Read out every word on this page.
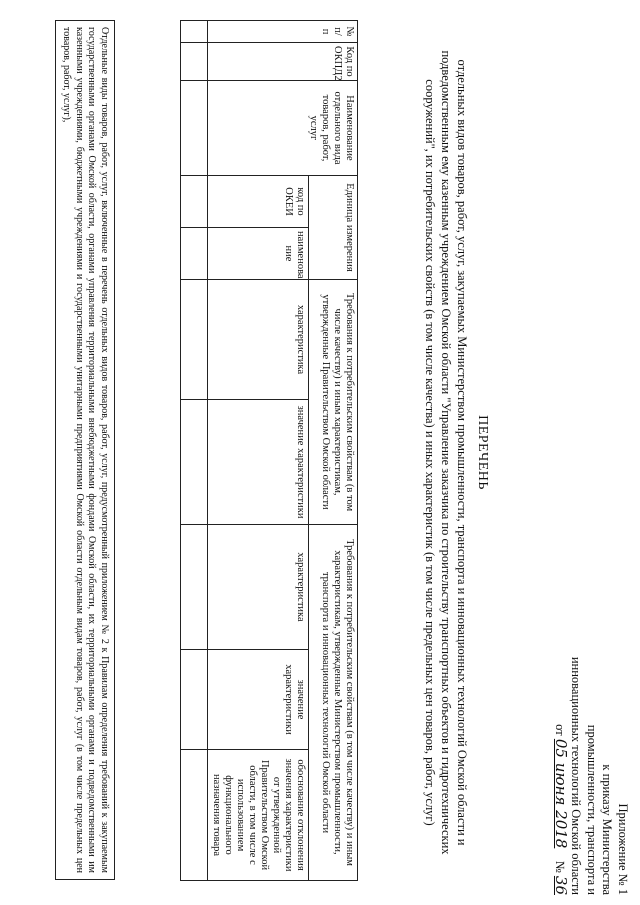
Приложение № 1
к приказу Министерства
промышленности, транспорта и
инновационных технологий Омской области
от 05 июня 2018    № 36
ПЕРЕЧЕНЬ
отдельных видов товаров, работ, услуг, закупаемых Министерством промышленности, транспорта и инновационных технологий Омской области и подведомственным ему казенным учреждением Омской области "Управление заказчика по строительству транспортных объектов и гидротехнических сооружений", их потребительских свойств (в том числе качества) и иных характеристик (в том числе предельных цен товаров, работ, услуг)
№ п/ п	Код по ОКПД2	Наименование отдельного вида товаров, работ, услуг	Единица измерения		Требования к потребительским свойствам (в том числе качеству) и иным характеристикам, утвержденные Правительством Омской области		Требования к потребительским свойствам (в том числе качеству) и иным характеристикам, утвержденные Министерством промышленности, транспорта и инновационных технологий Омской области		
			код по ОКЕИ	наименова ние	характеристика	значение характеристики	характеристика	значение характеристики	обоснование отклонения значения характеристики от утвержденной Правительством Омской области, в том числе с использованием функционального назначения товара

Отдельные виды товаров, работ, услуг, включенные в перечень отдельных видов товаров, работ, услуг, предусмотренный приложением № 2 к Правилам определения требований к закупаемым государственными органами Омской области, органами управления территориальными внебюджетными фондами Омской области, их территориальными органами и подведомственными им казенными учреждениями, бюджетными учреждениями и государственными унитарными предприятиями Омской области отдельным видам товаров, работ, услуг (в том числе предельных цен товаров, работ, услуг),
